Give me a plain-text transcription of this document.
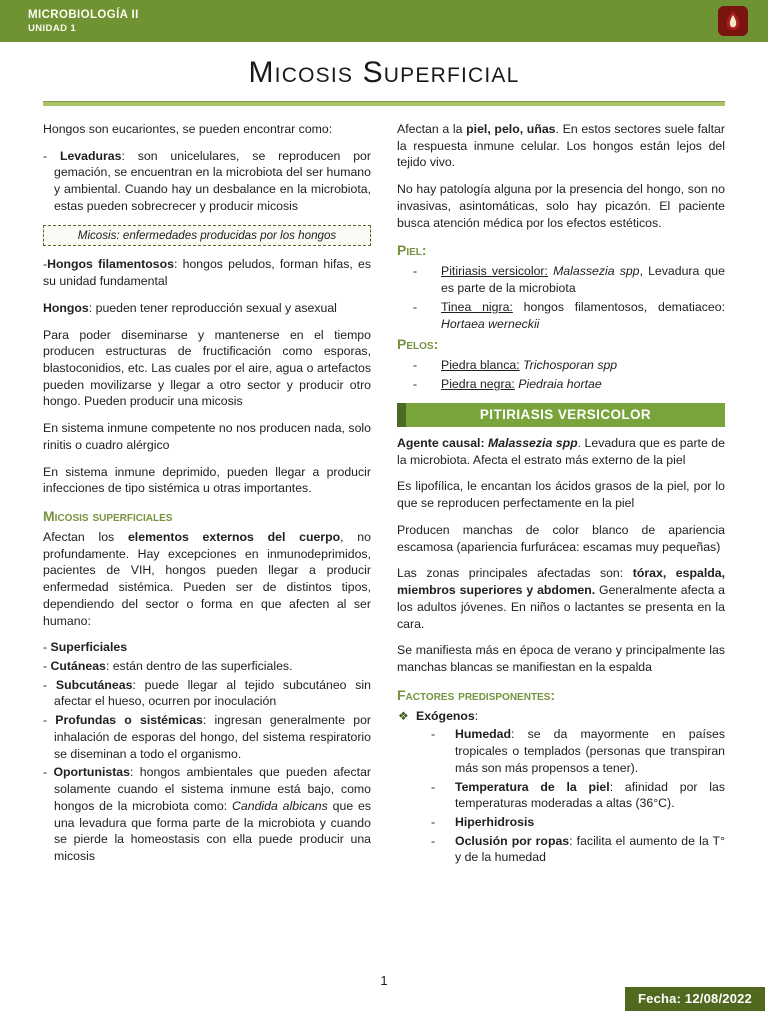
MICROBIOLOGÍA II
UNIDAD 1
Micosis Superficial

Hongos son eucariontes, se pueden encontrar como:

- Levaduras: son unicelulares, se reproducen por gemación, se encuentran en la microbiota del ser humano y ambiental. Cuando hay un desbalance en la microbiota, estas pueden sobrecrecer y producir micosis

Micosis: enfermedades producidas por los hongos

-Hongos filamentosos: hongos peludos, forman hifas, es su unidad fundamental

Hongos: pueden tener reproducción sexual y asexual

Para poder diseminarse y mantenerse en el tiempo producen estructuras de fructificación como esporas, blastoconidios, etc. Las cuales por el aire, agua o artefactos pueden movilizarse y llegar a otro sector y producir otro hongo. Pueden producir una micosis

En sistema inmune competente no nos producen nada, solo rinitis o cuadro alérgico

En sistema inmune deprimido, pueden llegar a producir infecciones de tipo sistémica u otras importantes.

Micosis superficiales

Afectan los elementos externos del cuerpo, no profundamente. Hay excepciones en inmunodeprimidos, pacientes de VIH, hongos pueden llegar a producir enfermedad sistémica. Pueden ser de distintos tipos, dependiendo del sector o forma en que afecten al ser humano:

- Superficiales

- Cutáneas: están dentro de las superficiales.

- Subcutáneas: puede llegar al tejido subcutáneo sin afectar el hueso, ocurren por inoculación

- Profundas o sistémicas: ingresan generalmente por inhalación de esporas del hongo, del sistema respiratorio se diseminan a todo el organismo.

- Oportunistas: hongos ambientales que pueden afectar solamente cuando el sistema inmune está bajo, como hongos de la microbiota como: Candida albicans que es una levadura que forma parte de la microbiota y cuando se pierde la homeostasis con ella puede producir una micosis

Afectan a la piel, pelo, uñas. En estos sectores suele faltar la respuesta inmune celular. Los hongos están lejos del tejido vivo.

No hay patología alguna por la presencia del hongo, son no invasivas, asintomáticas, solo hay picazón. El paciente busca atención médica por los efectos estéticos.

Piel:
-	Pitiriasis versicolor: Malassezia spp, Levadura que es parte de la microbiota
-	Tinea nigra: hongos filamentosos, dematiaceo: Hortaea werneckii
Pelos:
-	Piedra blanca: Trichosporan spp
-	Piedra negra: Piedraia hortae
PITIRIASIS VERSICOLOR

Agente causal: Malassezia spp. Levadura que es parte de la microbiota. Afecta el estrato más externo de la piel

Es lipofílica, le encantan los ácidos grasos de la piel, por lo que se reproducen perfectamente en la piel

Producen manchas de color blanco de apariencia escamosa (apariencia furfurácea: escamas muy pequeñas)

Las zonas principales afectadas son: tórax, espalda, miembros superiores y abdomen. Generalmente afecta a los adultos jóvenes. En niños o lactantes se presenta en la cara.

Se manifiesta más en época de verano y principalmente las manchas blancas se manifiestan en la espalda

Factores predisponentes:
❖ Exógenos:
-	Humedad: se da mayormente en países tropicales o templados (personas que transpiran más son más propensos a tener).
-	Temperatura de la piel: afinidad por las temperaturas moderadas a altas (36°C).
-	Hiperhidrosis
-	Oclusión por ropas: facilita el aumento de la T° y de la humedad
1
Fecha: 12/08/2022
